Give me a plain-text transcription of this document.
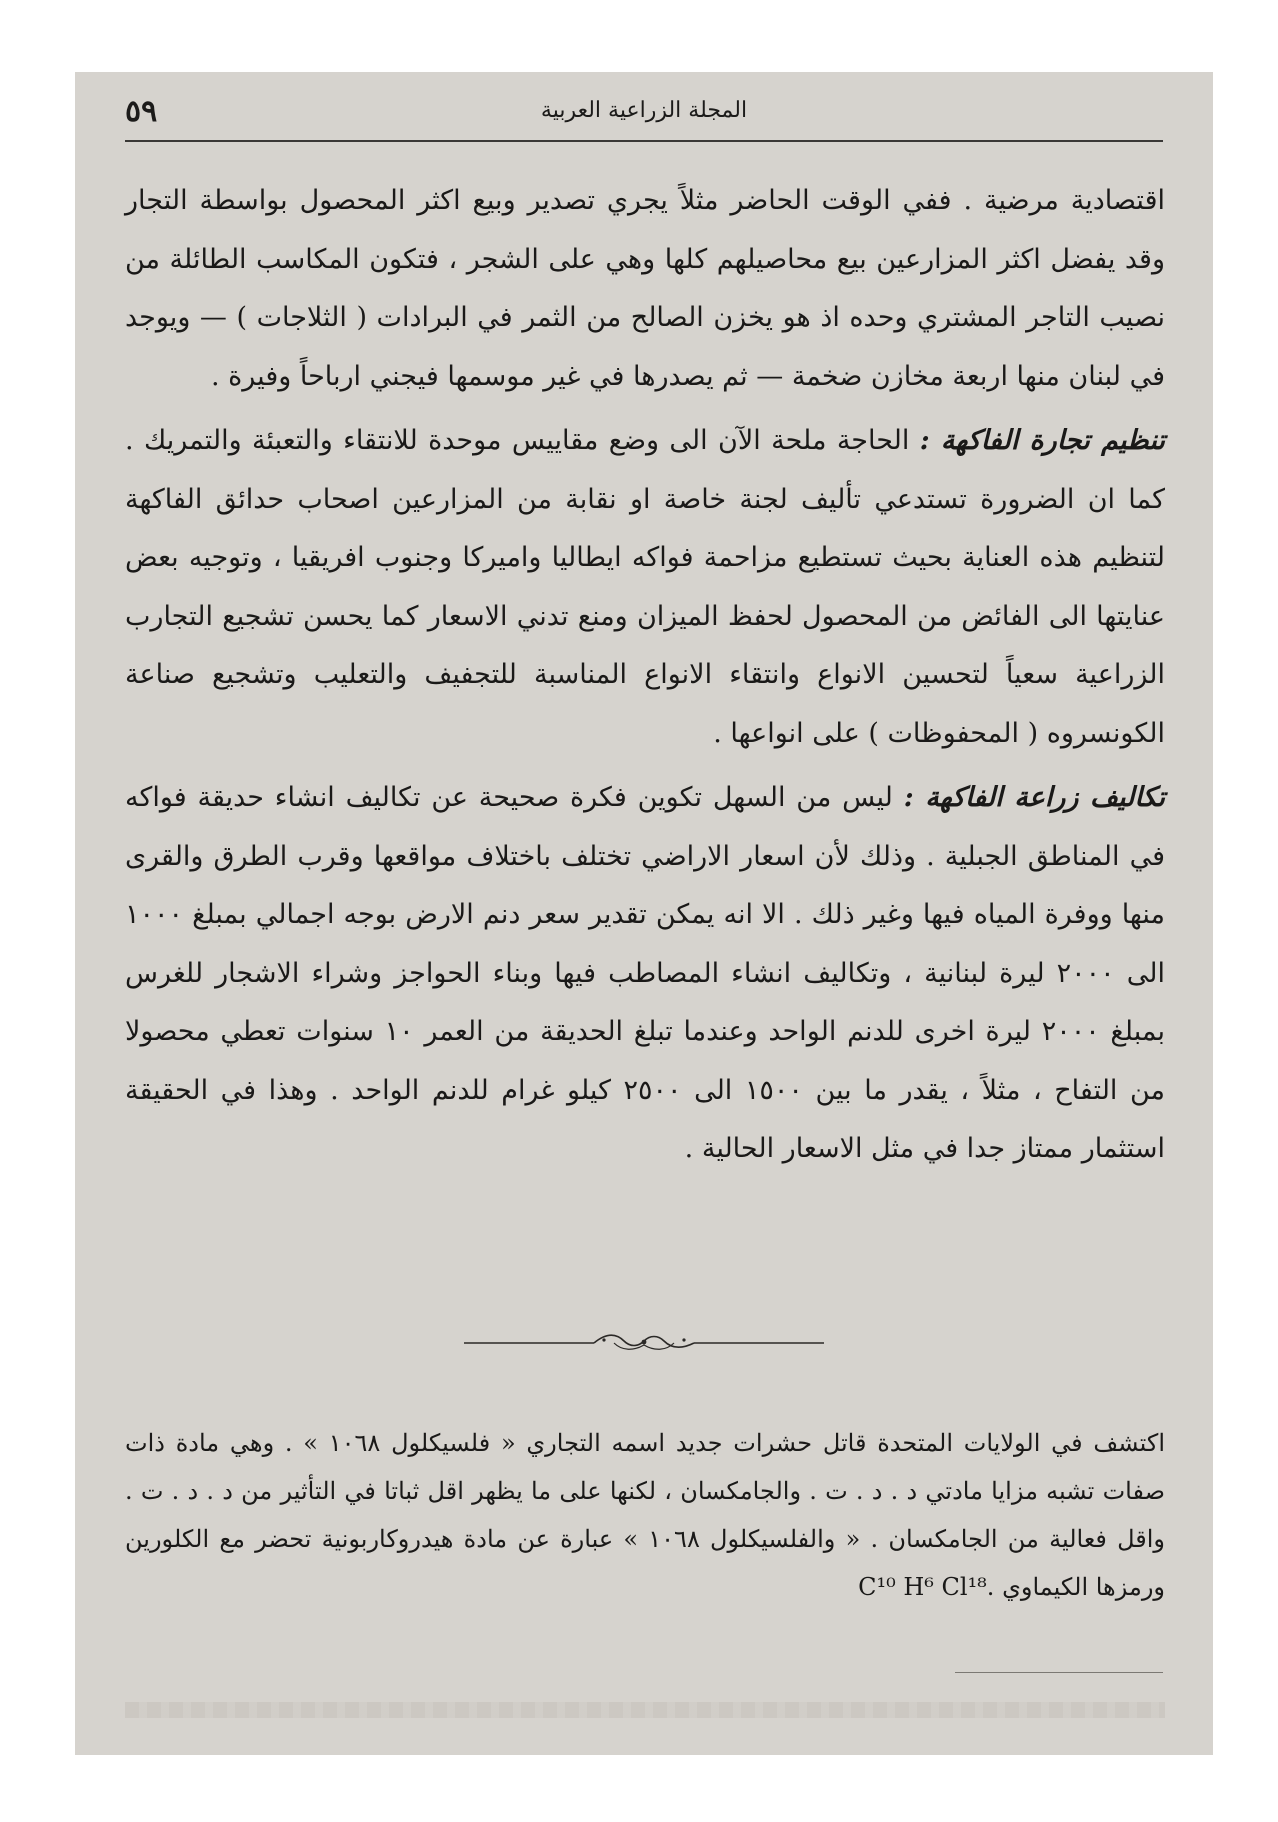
٥٩	المجلة الزراعية العربية

اقتصادية مرضية . ففي الوقت الحاضر مثلاً يجري تصدير وبيع اكثر المحصول بواسطة التجار وقد يفضل اكثر المزارعين بيع محاصيلهم كلها وهي على الشجر ، فتكون المكاسب الطائلة من نصيب التاجر المشتري وحده اذ هو يخزن الصالح من الثمر في البرادات ( الثلاجات ) — ويوجد في لبنان منها اربعة مخازن ضخمة — ثم يصدرها في غير موسمها فيجني ارباحاً وفيرة .

تنظيم تجارة الفاكهة : الحاجة ملحة الآن الى وضع مقاييس موحدة للانتقاء والتعبئة والتمريك . كما ان الضرورة تستدعي تأليف لجنة خاصة او نقابة من المزارعين اصحاب حدائق الفاكهة لتنظيم هذه العناية بحيث تستطيع مزاحمة فواكه ايطاليا واميركا وجنوب افريقيا ، وتوجيه بعض عنايتها الى الفائض من المحصول لحفظ الميزان ومنع تدني الاسعار كما يحسن تشجيع التجارب الزراعية سعياً لتحسين الانواع وانتقاء الانواع المناسبة للتجفيف والتعليب وتشجيع صناعة الكونسروه ( المحفوظات ) على انواعها .

تكاليف زراعة الفاكهة : ليس من السهل تكوين فكرة صحيحة عن تكاليف انشاء حديقة فواكه في المناطق الجبلية . وذلك لأن اسعار الاراضي تختلف باختلاف مواقعها وقرب الطرق والقرى منها ووفرة المياه فيها وغير ذلك . الا انه يمكن تقدير سعر دنم الارض بوجه اجمالي بمبلغ ١٠٠٠ الى ٢٠٠٠ ليرة لبنانية ، وتكاليف انشاء المصاطب فيها وبناء الحواجز وشراء الاشجار للغرس بمبلغ ٢٠٠٠ ليرة اخرى للدنم الواحد وعندما تبلغ الحديقة من العمر ١٠ سنوات تعطي محصولا من التفاح ، مثلاً ، يقدر ما بين ١٥٠٠ الى ٢٥٠٠ كيلو غرام للدنم الواحد . وهذا في الحقيقة استثمار ممتاز جدا في مثل الاسعار الحالية .

اكتشف في الولايات المتحدة قاتل حشرات جديد اسمه التجاري « فلسيكلول ١٠٦٨ » . وهي مادة ذات صفات تشبه مزايا مادتي د . د . ت . والجامكسان ، لكنها على ما يظهر اقل ثباتا في التأثير من د . د . ت . واقل فعالية من الجامكسان . « والفلسيكلول ١٠٦٨ » عبارة عن مادة هيدروكاربونية تحضر مع الكلورين ورمزها الكيماوي C¹⁰ H⁶ Cl¹⁸.
